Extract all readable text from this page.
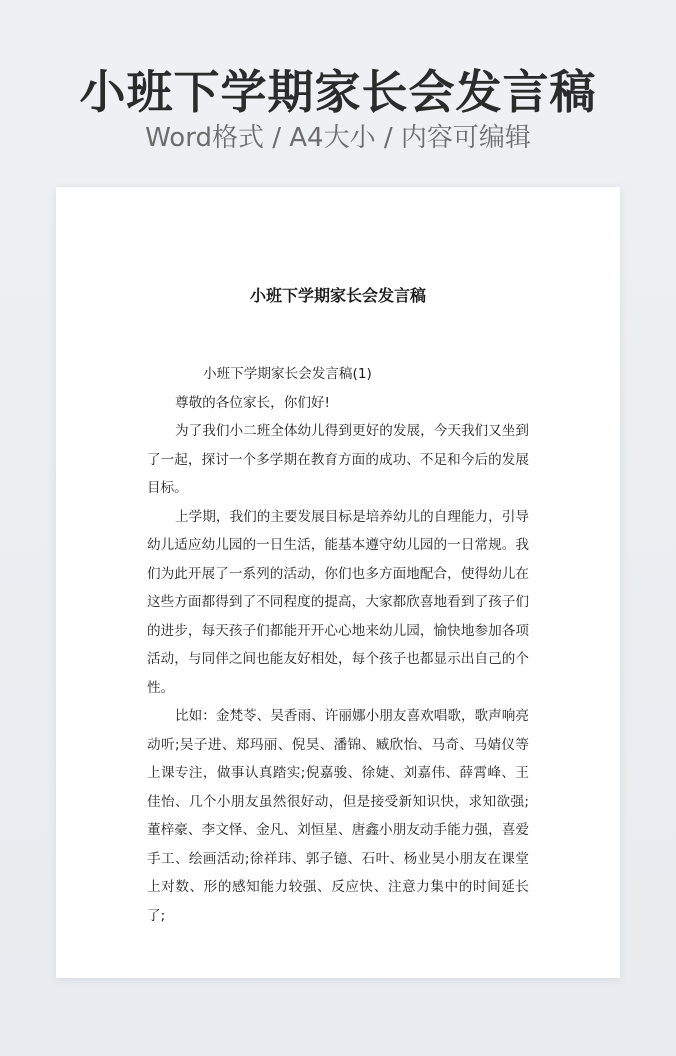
小班下学期家长会发言稿
Word格式 / A4大小 / 内容可编辑
小班下学期家长会发言稿

小班下学期家长会发言稿(1)

尊敬的各位家长，你们好!

为了我们小二班全体幼儿得到更好的发展，今天我们又坐到了一起，探讨一个多学期在教育方面的成功、不足和今后的发展目标。

上学期，我们的主要发展目标是培养幼儿的自理能力，引导幼儿适应幼儿园的一日生活，能基本遵守幼儿园的一日常规。我们为此开展了一系列的活动，你们也多方面地配合，使得幼儿在这些方面都得到了不同程度的提高，大家都欣喜地看到了孩子们的进步，每天孩子们都能开开心心地来幼儿园，愉快地参加各项活动，与同伴之间也能友好相处，每个孩子也都显示出自己的个性。

比如：金梵苓、吴香雨、许丽娜小朋友喜欢唱歌，歌声响亮动听;吴子进、郑玛丽、倪昊、潘锦、臧欣怡、马奇、马婧仪等上课专注，做事认真踏实;倪嘉骏、徐婕、刘嘉伟、薛霄峰、王佳怡、几个小朋友虽然很好动，但是接受新知识快，求知欲强;董梓豪、李文怿、金凡、刘恒星、唐鑫小朋友动手能力强，喜爱手工、绘画活动;徐祥玮、郭子镱、石叶、杨业昊小朋友在课堂上对数、形的感知能力较强、反应快、注意力集中的时间延长了;
